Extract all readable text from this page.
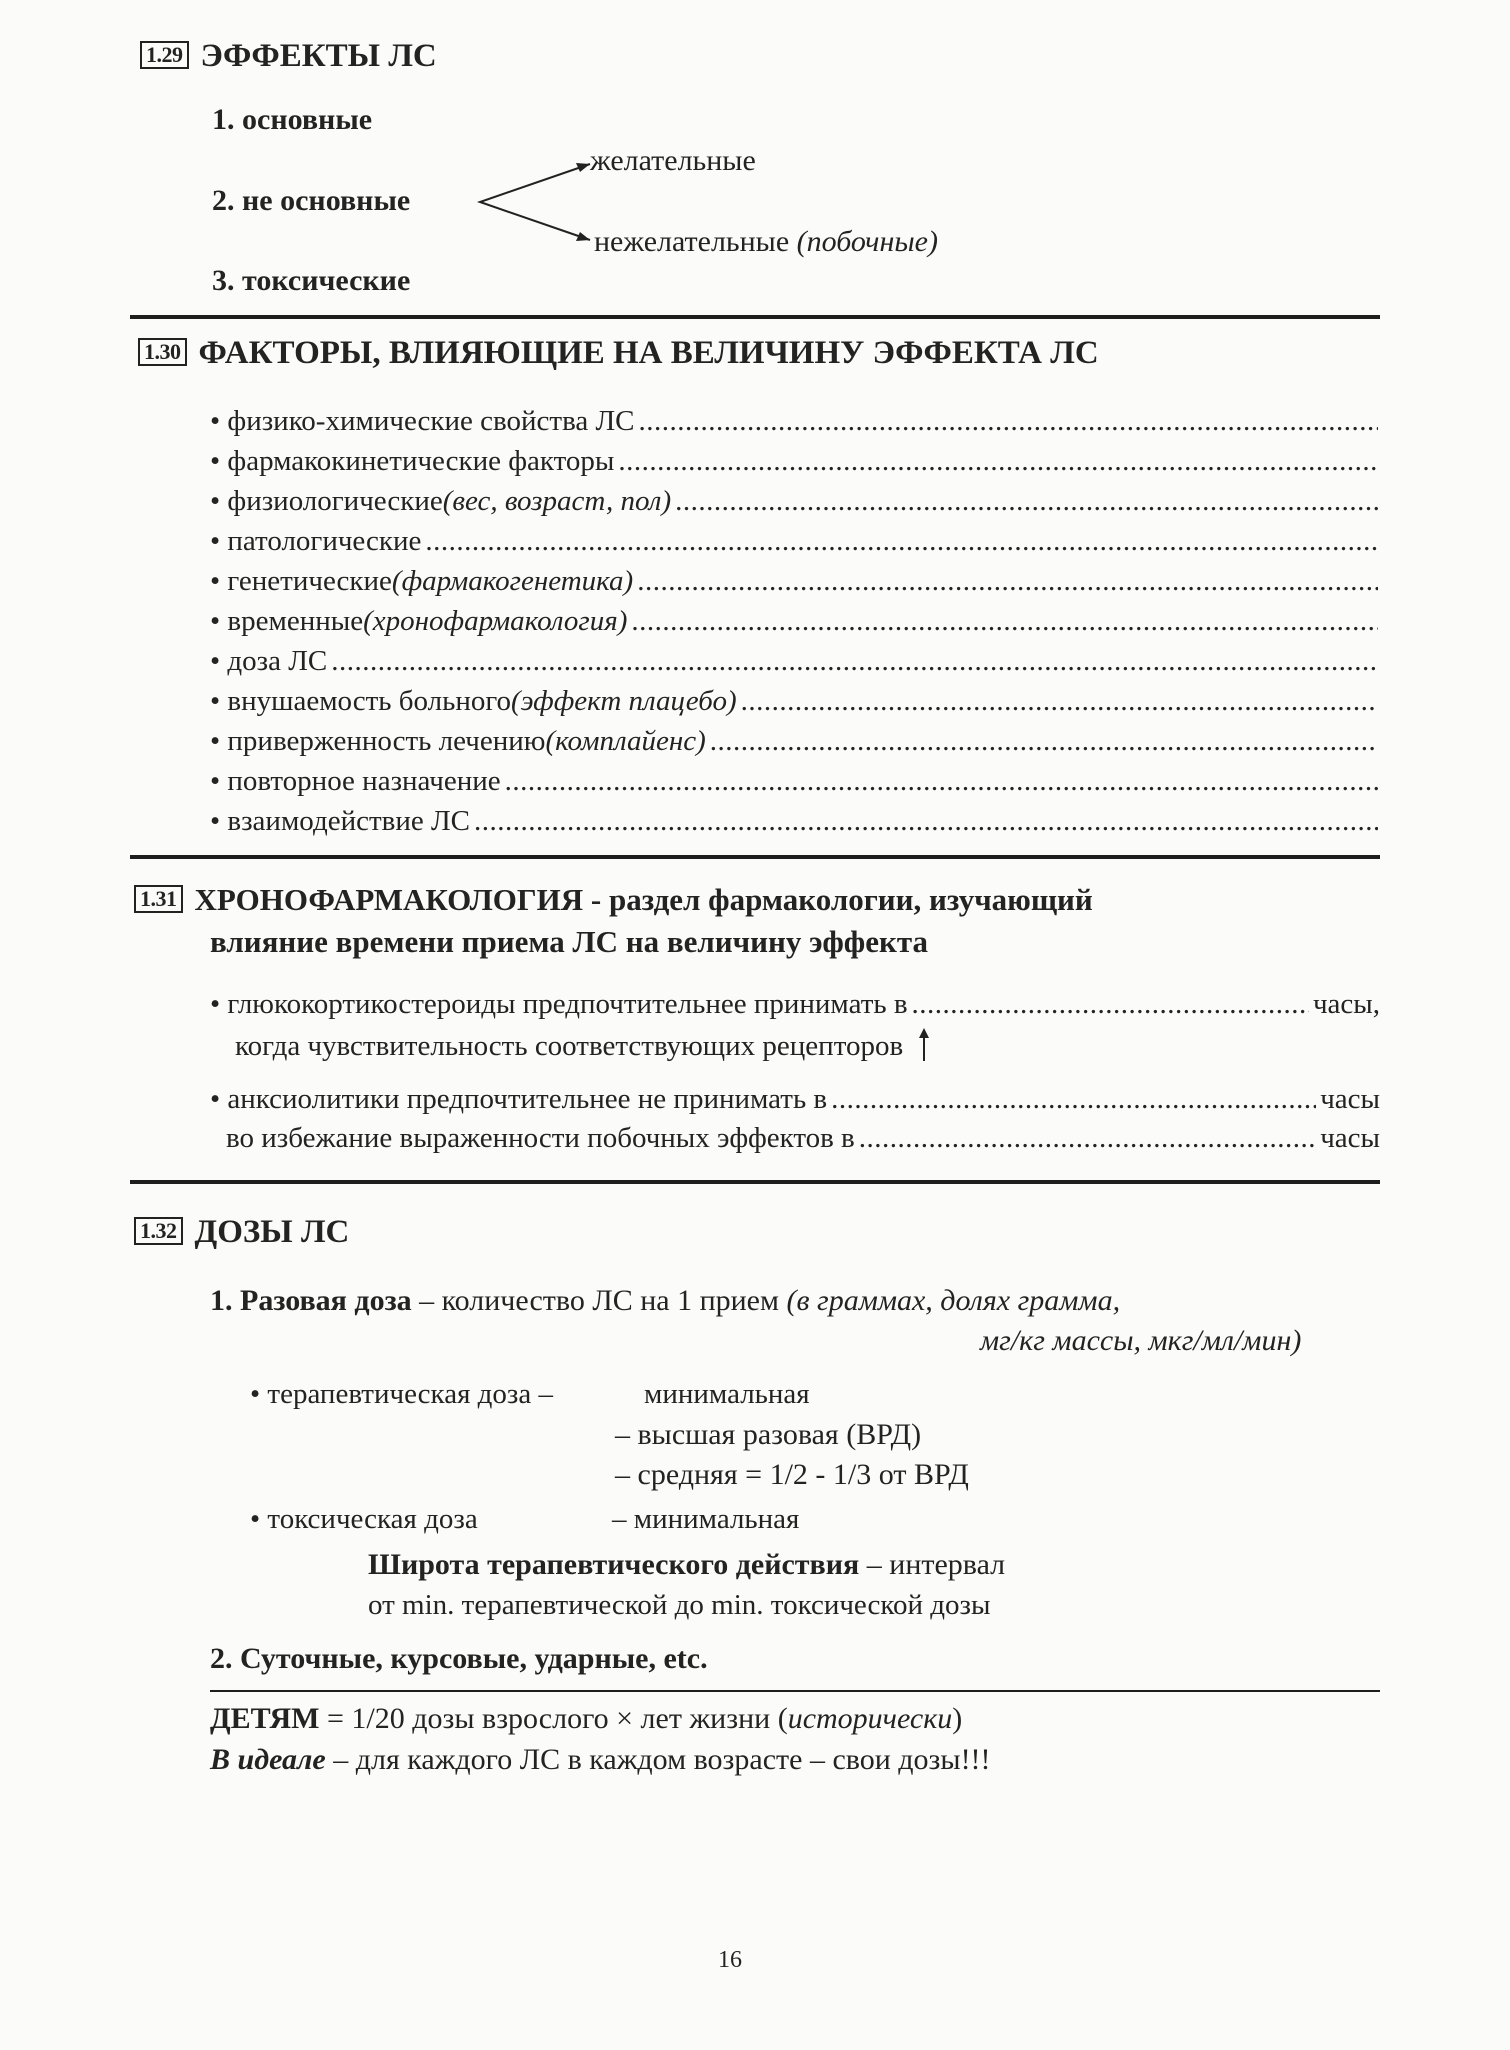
1.29 ЭФФЕКТЫ ЛС
1. основные
2. не основные
3. токсические
желательные
нежелательные (побочные)
1.30 ФАКТОРЫ, ВЛИЯЮЩИЕ НА ВЕЛИЧИНУ ЭФФЕКТА ЛС
• физико-химические свойства ЛС
.....
• фармакокинетические факторы
.....
• физиологические (вес, возраст, пол)
.....
• патологические
.....
• генетические (фармакогенетика)
.....
• временные (хронофармакология)
.....
• доза ЛС
.....
• внушаемость больного (эффект плацебо)
.....
• приверженность лечению (комплайенс)
.....
• повторное назначение
.....
• взаимодействие ЛС
.....
1.31 ХРОНОФАРМАКОЛОГИЯ - раздел фармакологии, изучающий
влияние времени приема ЛС на величину эффекта
• глюкокортикостероиды предпочтительнее принимать в .....	часы,
когда чувствительность соответствующих рецепторов
• анксиолитики предпочтительнее не принимать в .....	часы
во избежание выраженности побочных эффектов в .....	часы
1.32 ДОЗЫ ЛС
1. Разовая доза – количество ЛС на 1 прием (в граммах, долях грамма,
мг/кг массы, мкг/мл/мин)
• терапевтическая доза –	минимальная
– высшая разовая (ВРД)
– средняя = 1/2 - 1/3 от ВРД
• токсическая доза	– минимальная
Широта терапевтического действия – интервал
от min. терапевтической до min. токсической дозы
2. Суточные, курсовые, ударные, etc.
ДЕТЯМ = 1/20 дозы взрослого × лет жизни (исторически)
В идеале – для каждого ЛС в каждом возрасте – свои дозы!!!
16
